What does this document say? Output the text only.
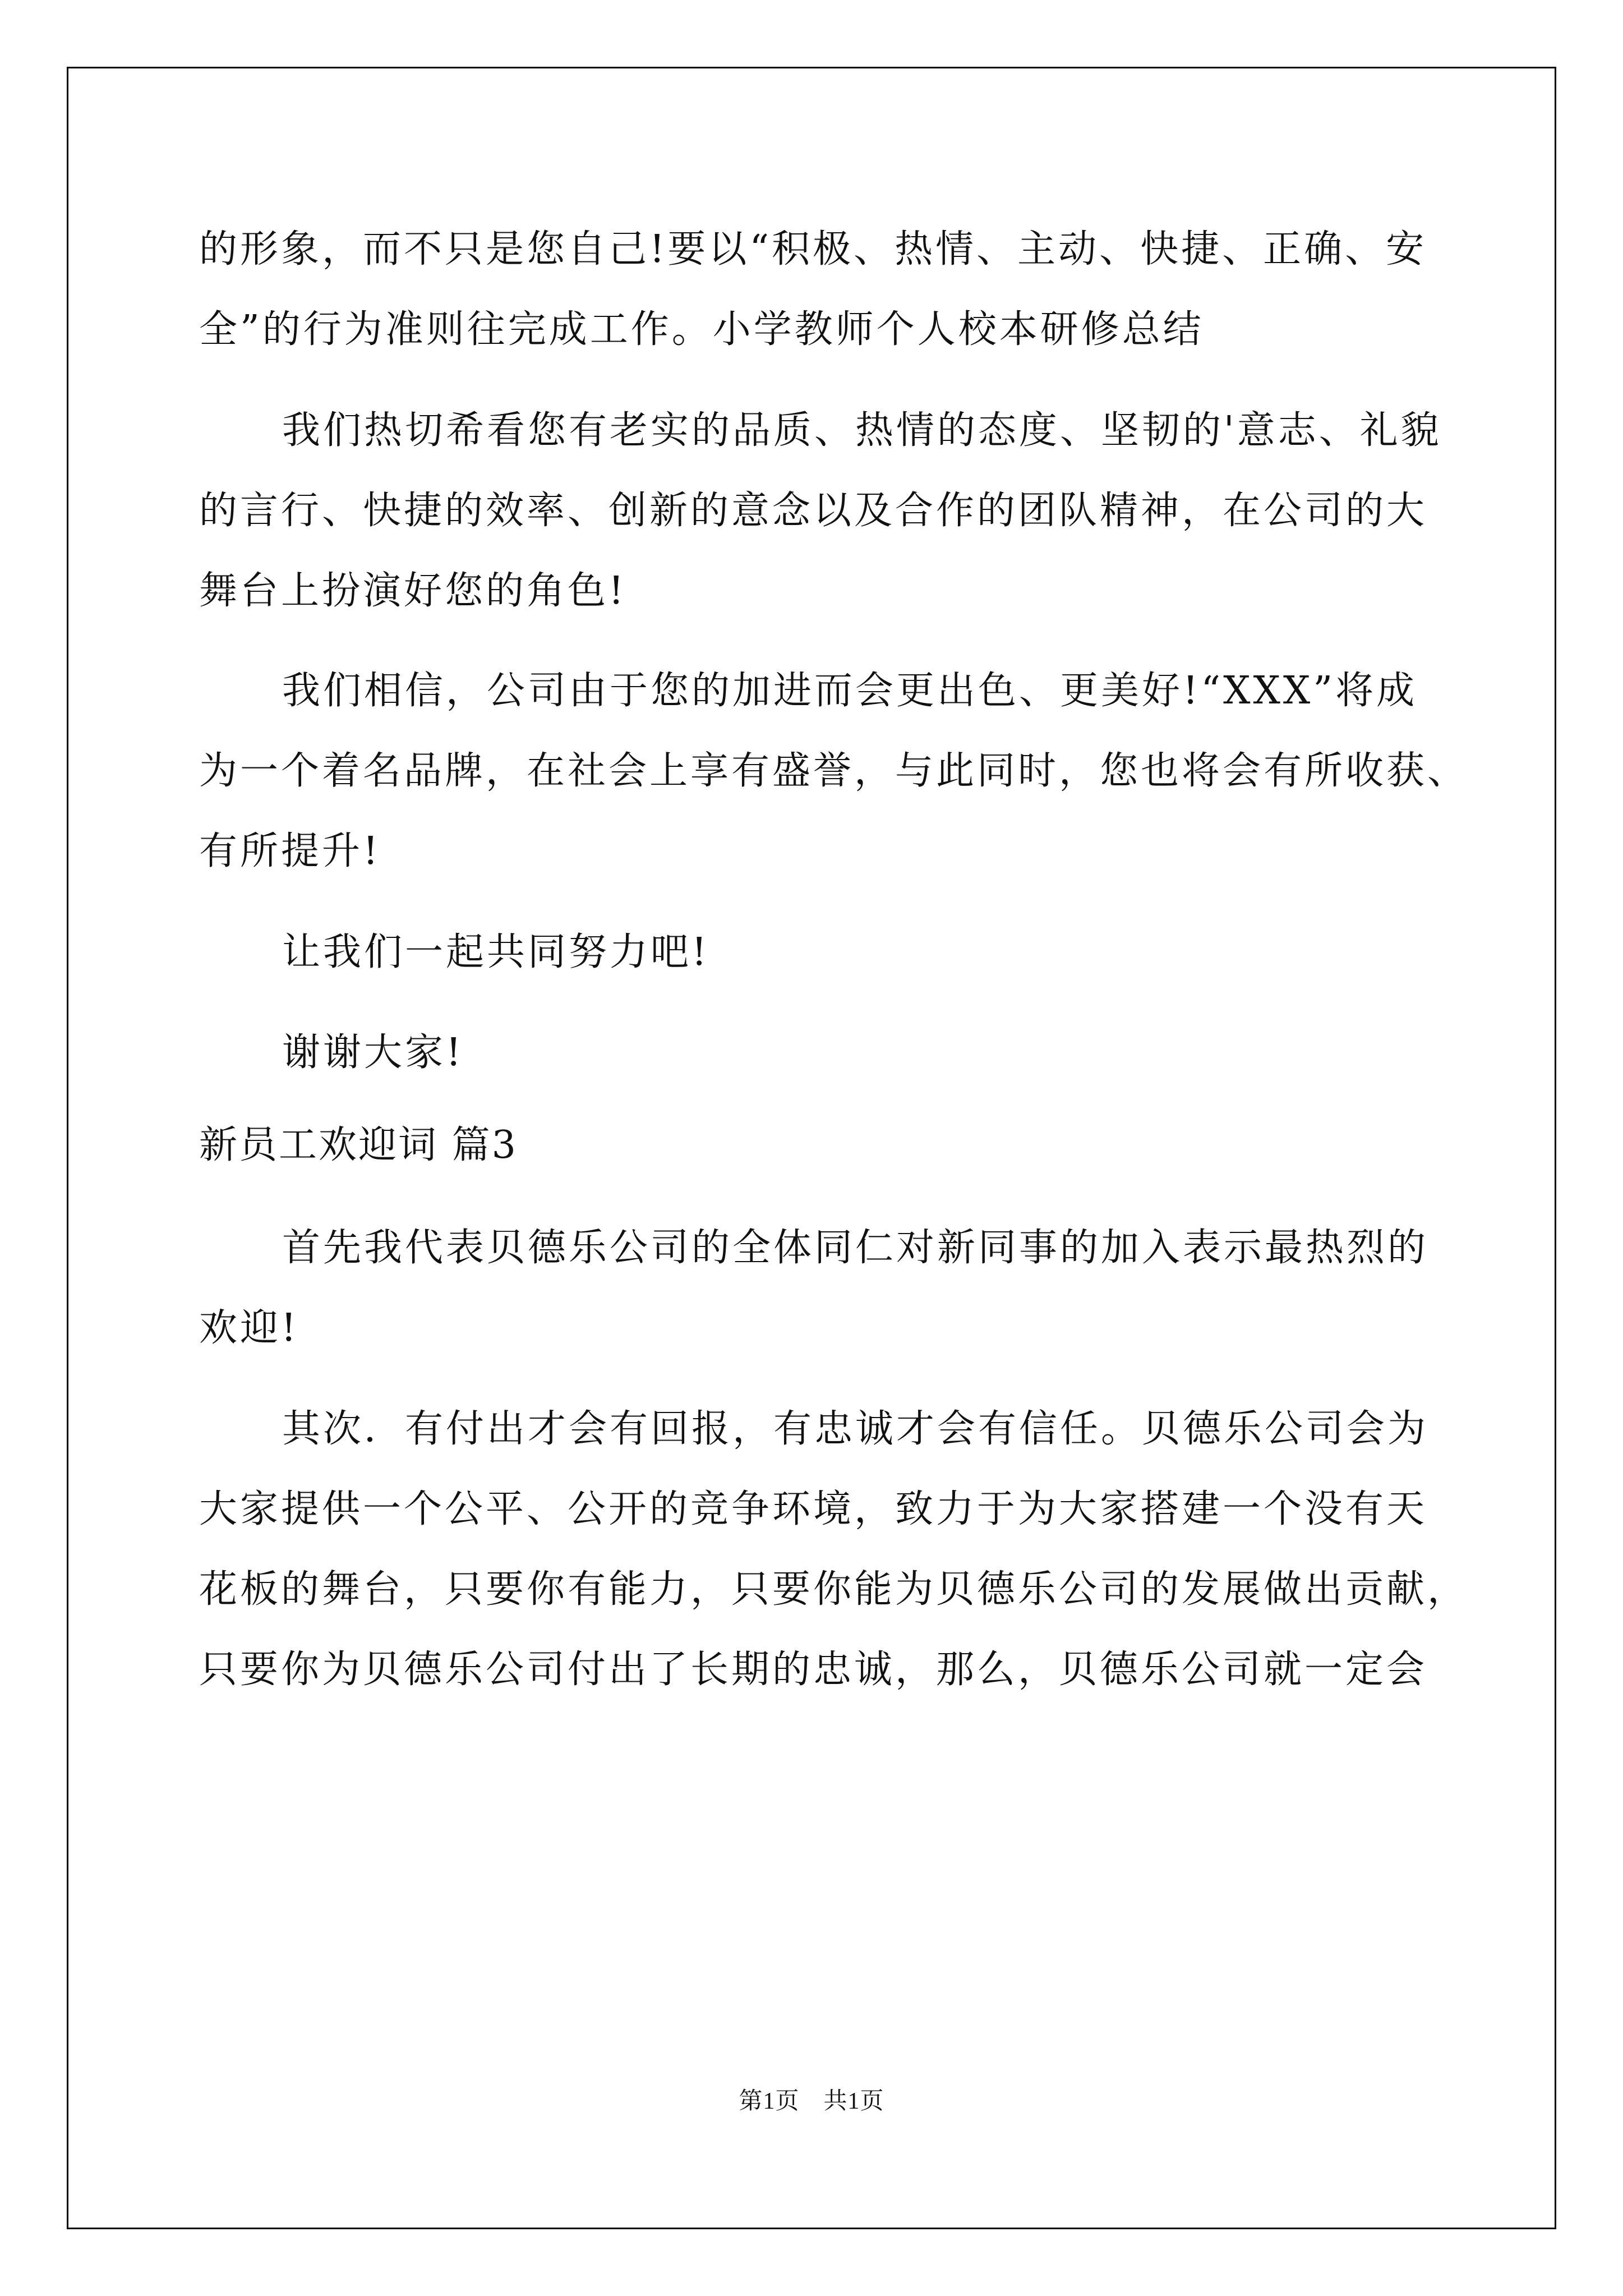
的形象，而不只是您自己!要以“积极、热情、主动、快捷、正确、安
全”的行为准则往完成工作。小学教师个人校本研修总结
我们热切希看您有老实的品质、热情的态度、坚韧的'意志、礼貌
的言行、快捷的效率、创新的意念以及合作的团队精神，在公司的大
舞台上扮演好您的角色!
我们相信，公司由于您的加进而会更出色、更美好!“XXX”将成
为一个着名品牌，在社会上享有盛誉，与此同时，您也将会有所收获、
有所提升!
让我们一起共同努力吧!
谢谢大家!
新员工欢迎词 篇3
首先我代表贝德乐公司的全体同仁对新同事的加入表示最热烈的
欢迎!
其次．有付出才会有回报，有忠诚才会有信任。贝德乐公司会为
大家提供一个公平、公开的竞争环境，致力于为大家搭建一个没有天
花板的舞台，只要你有能力，只要你能为贝德乐公司的发展做出贡献，
只要你为贝德乐公司付出了长期的忠诚，那么，贝德乐公司就一定会
第1页　共1页
